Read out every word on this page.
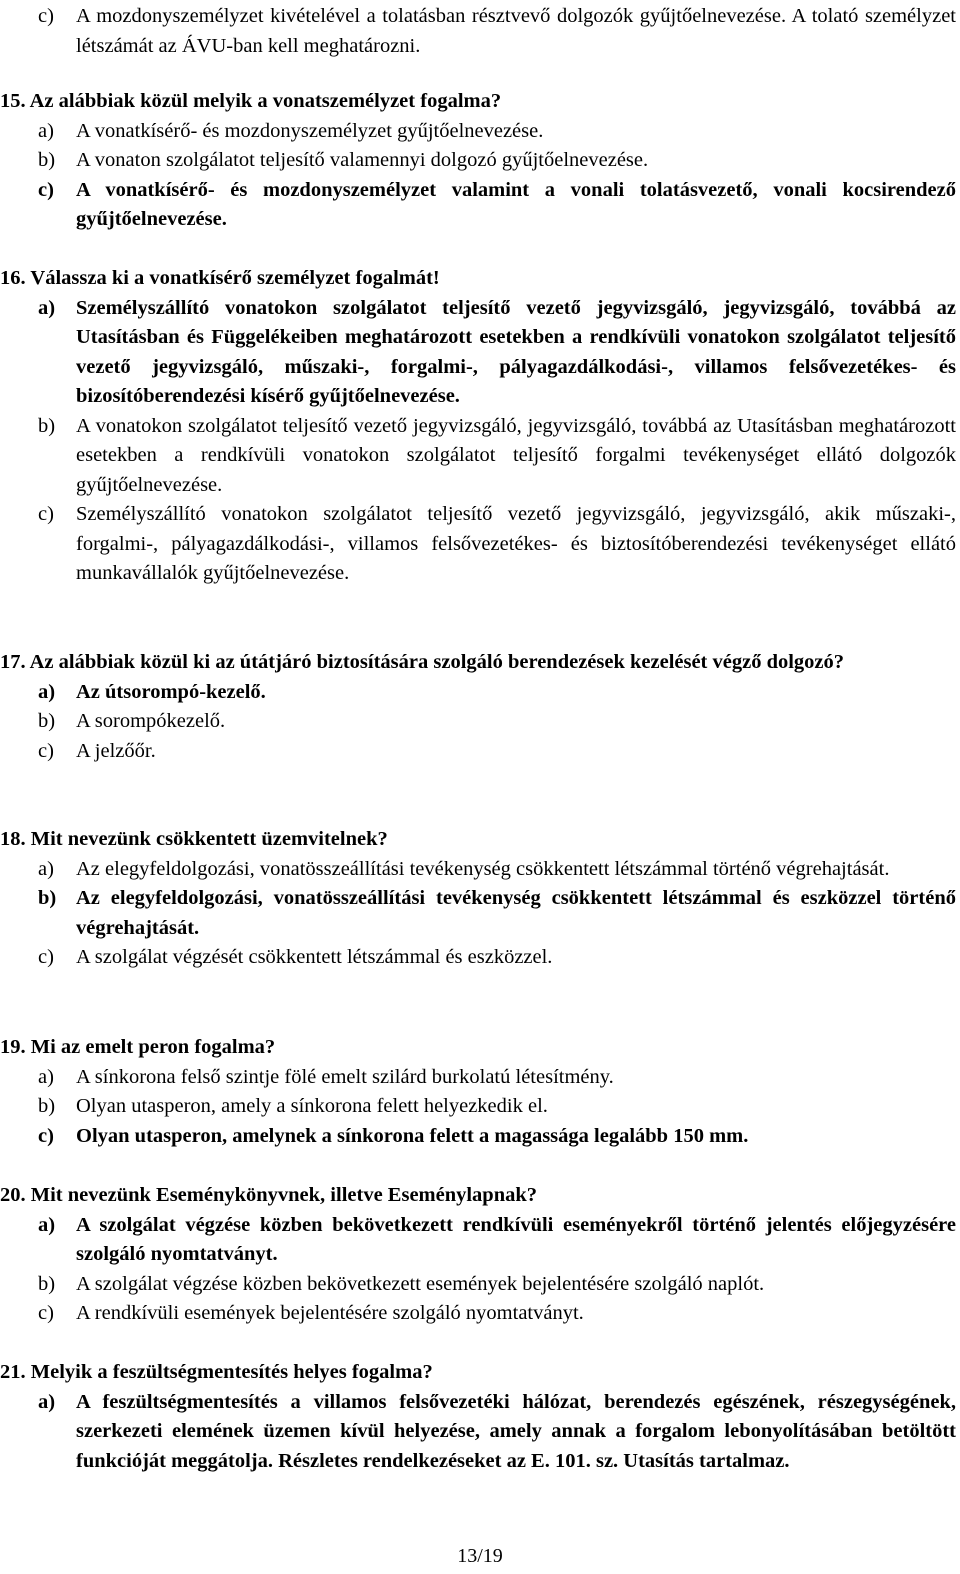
c) A mozdonyszemélyzet kivételével a tolatásban résztvevő dolgozók gyűjtőelnevezése. A tolató személyzet létszámát az ÁVU-ban kell meghatározni.

15. Az alábbiak közül melyik a vonatszemélyzet fogalma?

a) A vonatkísérő- és mozdonyszemélyzet gyűjtőelnevezése.

b) A vonaton szolgálatot teljesítő valamennyi dolgozó gyűjtőelnevezése.

c) A vonatkísérő- és mozdonyszemélyzet valamint a vonali tolatásvezető, vonali kocsirendező gyűjtőelnevezése.

16. Válassza ki a vonatkísérő személyzet fogalmát!

a) Személyszállító vonatokon szolgálatot teljesítő vezető jegyvizsgáló, jegyvizsgáló, továbbá az Utasításban és Függelékeiben meghatározott esetekben a rendkívüli vonatokon szolgálatot teljesítő vezető jegyvizsgáló, műszaki-, forgalmi-, pályagazdálkodási-, villamos felsővezetékes- és bizosítóberendezési kísérő gyűjtőelnevezése.

b) A vonatokon szolgálatot teljesítő vezető jegyvizsgáló, jegyvizsgáló, továbbá az Utasításban meghatározott esetekben a rendkívüli vonatokon szolgálatot teljesítő forgalmi tevékenységet ellátó dolgozók gyűjtőelnevezése.

c) Személyszállító vonatokon szolgálatot teljesítő vezető jegyvizsgáló, jegyvizsgáló, akik műszaki-, forgalmi-, pályagazdálkodási-, villamos felsővezetékes- és biztosítóberendezési tevékenységet ellátó munkavállalók gyűjtőelnevezése.

17. Az alábbiak közül ki az útátjáró biztosítására szolgáló berendezések kezelését végző dolgozó?

a) Az útsorompó-kezelő.

b) A sorompókezelő.

c) A jelzőőr.

18. Mit nevezünk csökkentett üzemvitelnek?

a) Az elegyfeldolgozási, vonatösszeállítási tevékenység csökkentett létszámmal történő végrehajtását.

b) Az elegyfeldolgozási, vonatösszeállítási tevékenység csökkentett létszámmal és eszközzel történő végrehajtását.

c) A szolgálat végzését csökkentett létszámmal és eszközzel.

19. Mi az emelt peron fogalma?

a) A sínkorona felső szintje fölé emelt szilárd burkolatú létesítmény.

b) Olyan utasperon, amely a sínkorona felett helyezkedik el.

c) Olyan utasperon, amelynek a sínkorona felett a magassága legalább 150 mm.

20. Mit nevezünk Eseménykönyvnek, illetve Eseménylapnak?

a) A szolgálat végzése közben bekövetkezett rendkívüli eseményekről történő jelentés előjegyzésére szolgáló nyomtatványt.

b) A szolgálat végzése közben bekövetkezett események bejelentésére szolgáló naplót.

c) A rendkívüli események bejelentésére szolgáló nyomtatványt.

21. Melyik a feszültségmentesítés helyes fogalma?

a) A feszültségmentesítés a villamos felsővezetéki hálózat, berendezés egészének, részegységének, szerkezeti elemének üzemen kívül helyezése, amely annak a forgalom lebonyolításában betöltött funkcióját meggátolja. Részletes rendelkezéseket az E. 101. sz. Utasítás tartalmaz.

13/19
